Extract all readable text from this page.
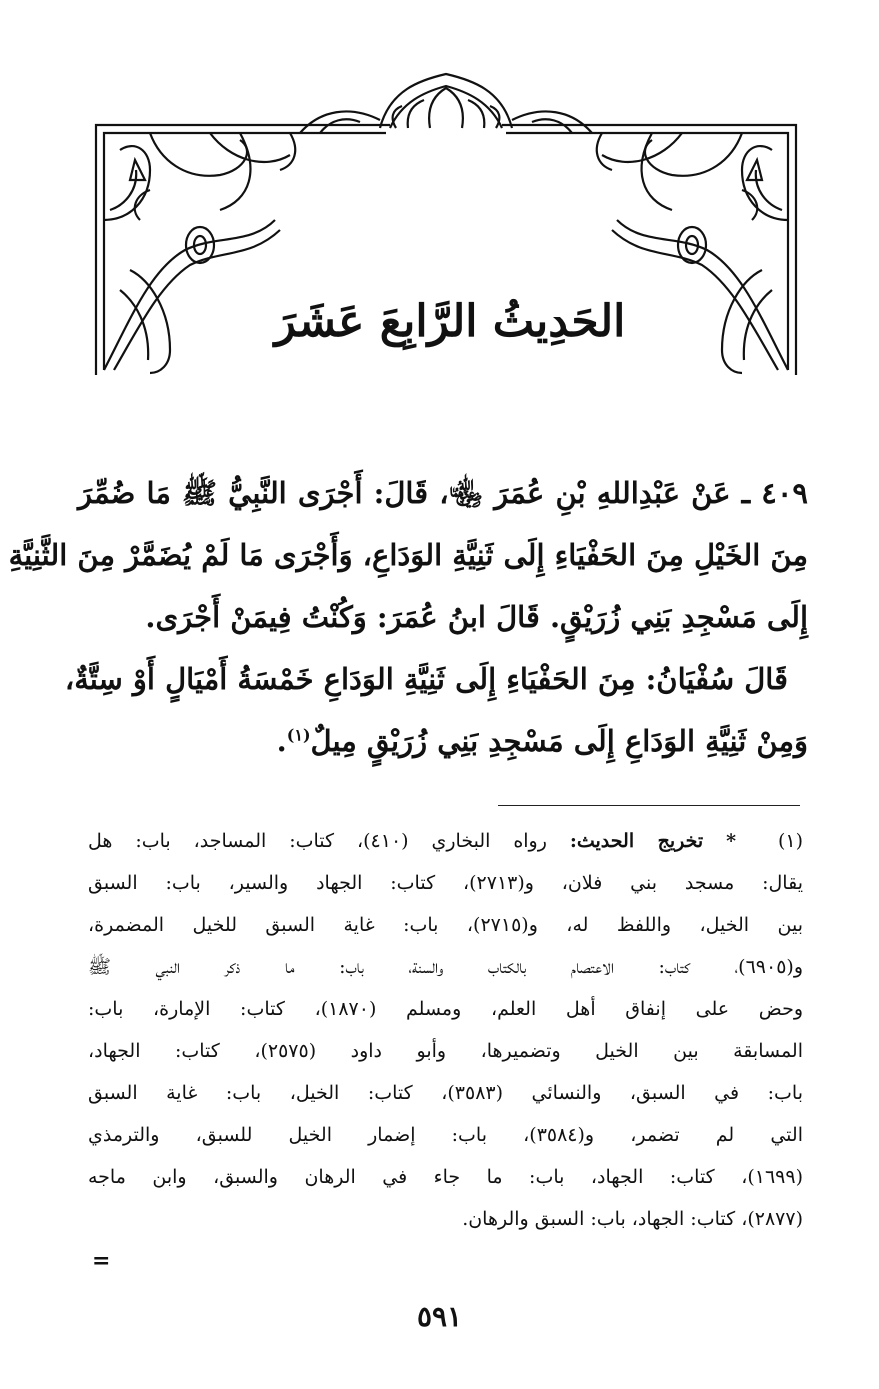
الحَدِيثُ الرَّابِعَ عَشَرَ
٤٠٩ ـ عَنْ عَبْدِاللهِ بْنِ عُمَرَ ﵄، قَالَ: أَجْرَى النَّبِيُّ ﷺ مَا ضُمِّرَ
مِنَ الخَيْلِ مِنَ الحَفْيَاءِ إِلَى ثَنِيَّةِ الوَدَاعِ، وَأَجْرَى مَا لَمْ يُضَمَّرْ مِنَ الثَّنِيَّةِ
إِلَى مَسْجِدِ بَنِي زُرَيْقٍ. قَالَ ابنُ عُمَرَ: وَكُنْتُ فِيمَنْ أَجْرَى.
قَالَ سُفْيَانُ: مِنَ الحَفْيَاءِ إِلَى ثَنِيَّةِ الوَدَاعِ خَمْسَةُ أَمْيَالٍ أَوْ سِتَّةٌ،
وَمِنْ ثَنِيَّةِ الوَدَاعِ إِلَى مَسْجِدِ بَنِي زُرَيْقٍ مِيلٌ$^{(١)}$.
(١) * تخريج الحديث: رواه البخاري (٤١٠)، كتاب: المساجد، باب: هل
يقال: مسجد بني فلان، و(٢٧١٣)، كتاب: الجهاد والسير، باب: السبق
بين الخيل، واللفظ له، و(٢٧١٥)، باب: غاية السبق للخيل المضمرة،
و(٦٩٠٥)، كتاب: الاعتصام بالكتاب والسنة، باب: ما ذكر النبي ﷺ
وحض على إنفاق أهل العلم، ومسلم (١٨٧٠)، كتاب: الإمارة، باب:
المسابقة بين الخيل وتضميرها، وأبو داود (٢٥٧٥)، كتاب: الجهاد،
باب: في السبق، والنسائي (٣٥٨٣)، كتاب: الخيل، باب: غاية السبق
التي لم تضمر، و(٣٥٨٤)، باب: إضمار الخيل للسبق، والترمذي
(١٦٩٩)، كتاب: الجهاد، باب: ما جاء في الرهان والسبق، وابن ماجه
(٢٨٧٧)، كتاب: الجهاد، باب: السبق والرهان.
=
٥٩١
